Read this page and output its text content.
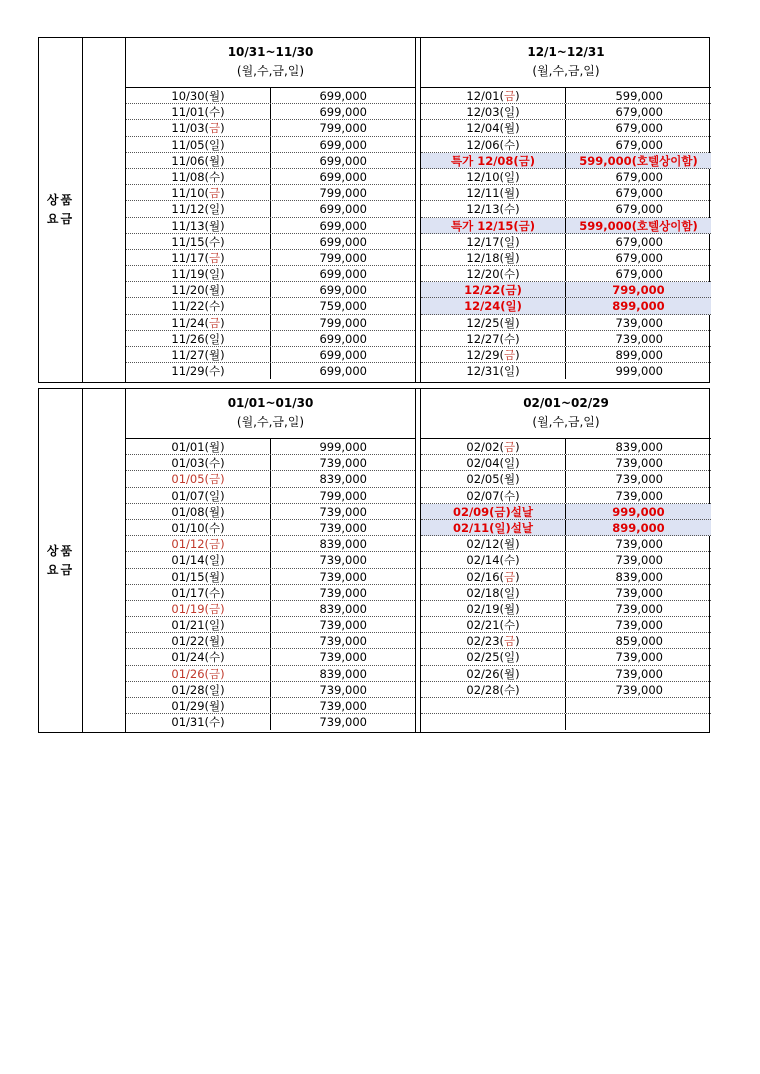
상품
요금
10/31~11/30
(월,수,금,일)
10/30(월)	699,000
11/01(수)	699,000
11/03(금)	799,000
11/05(일)	699,000
11/06(월)	699,000
11/08(수)	699,000
11/10(금)	799,000
11/12(일)	699,000
11/13(월)	699,000
11/15(수)	699,000
11/17(금)	799,000
11/19(일)	699,000
11/20(월)	699,000
11/22(수)	759,000
11/24(금)	799,000
11/26(일)	699,000
11/27(월)	699,000
11/29(수)	699,000
12/1~12/31
(월,수,금,일)
12/01(금)	599,000
12/03(일)	679,000
12/04(월)	679,000
12/06(수)	679,000
특가 12/08(금)	599,000(호텔상이함)
12/10(일)	679,000
12/11(월)	679,000
12/13(수)	679,000
특가 12/15(금)	599,000(호텔상이함)
12/17(일)	679,000
12/18(월)	679,000
12/20(수)	679,000
12/22(금)	799,000
12/24(일)	899,000
12/25(월)	739,000
12/27(수)	739,000
12/29(금)	899,000
12/31(일)	999,000
상품
요금
01/01~01/30
(월,수,금,일)
01/01(월)	999,000
01/03(수)	739,000
01/05(금)	839,000
01/07(일)	799,000
01/08(월)	739,000
01/10(수)	739,000
01/12(금)	839,000
01/14(일)	739,000
01/15(월)	739,000
01/17(수)	739,000
01/19(금)	839,000
01/21(일)	739,000
01/22(월)	739,000
01/24(수)	739,000
01/26(금)	839,000
01/28(일)	739,000
01/29(월)	739,000
01/31(수)	739,000
02/01~02/29
(월,수,금,일)
02/02(금)	839,000
02/04(일)	739,000
02/05(월)	739,000
02/07(수)	739,000
02/09(금)설날	999,000
02/11(일)설날	899,000
02/12(월)	739,000
02/14(수)	739,000
02/16(금)	839,000
02/18(일)	739,000
02/19(월)	739,000
02/21(수)	739,000
02/23(금)	859,000
02/25(일)	739,000
02/26(월)	739,000
02/28(수)	739,000
